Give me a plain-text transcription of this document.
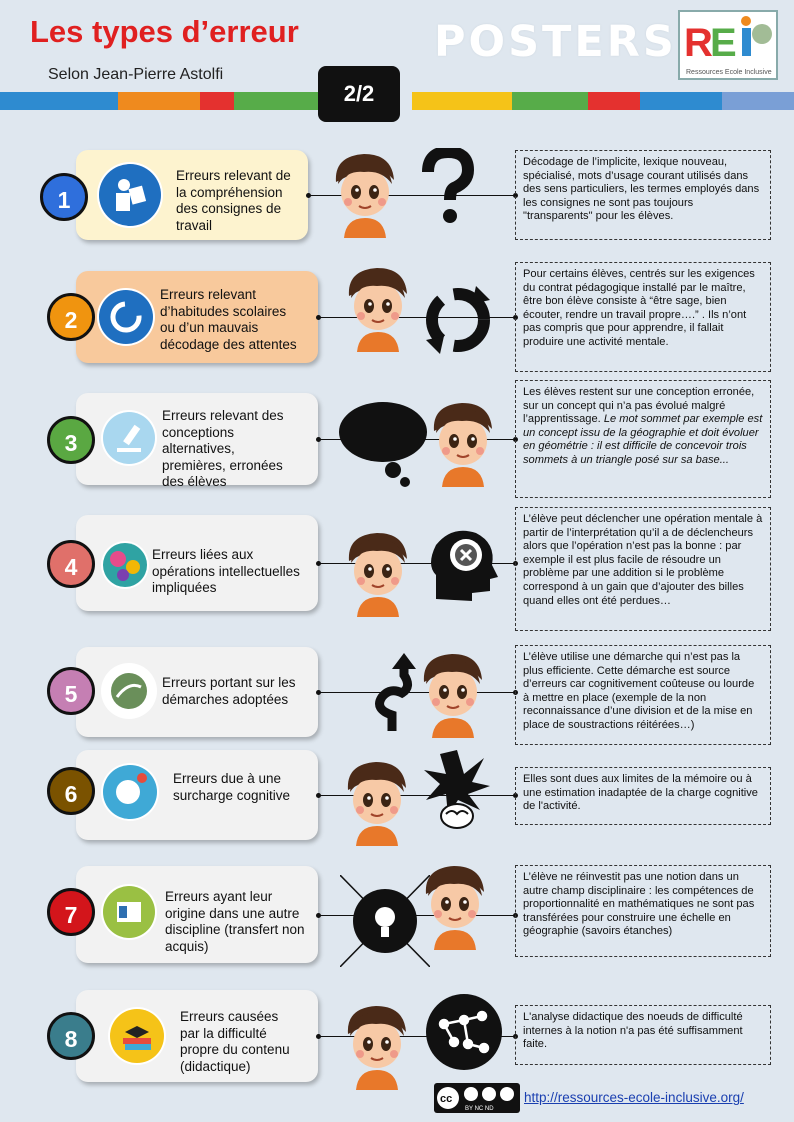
Les types d’erreur
Selon Jean-Pierre Astolfi
POSTERS R
E
Ressources Ecole Inclusive
2/2
1
Erreurs relevant de la compréhension des consignes de travail
Décodage de l’implicite, lexique nouveau, spécialisé, mots d’usage courant utilisés dans des sens particuliers, les termes employés dans les consignes ne sont pas toujours "transparents" pour les élèves.
2
Erreurs relevant d’habitudes scolaires ou d’un mauvais décodage des attentes
Pour certains élèves, centrés sur les exigences du contrat pédagogique installé par le maître, être bon élève consiste à “être sage, bien écouter, rendre un travail propre….” . Ils n’ont pas compris que pour apprendre, il fallait produire une activité mentale.
3
Erreurs relevant des conceptions alternatives, premières, erronées des élèves
Les élèves restent sur une conception erronée, sur un concept qui n’a pas évolué malgré l’apprentissage. Le mot sommet par exemple est un concept issu de la géographie et doit évoluer en géométrie : il est difficile de concevoir trois sommets à un triangle posé sur sa base...
4	Erreurs liées aux opérations intellectuelles impliquées
L’élève peut déclencher une opération mentale à partir de l’interprétation qu’il a de déclencheurs alors que l’opération n’est pas la bonne : par exemple il est plus facile de résoudre un problème par une addition si le problème correspond à un gain que d’ajouter des billes quand elles ont été perdues…
5	Erreurs portant sur les démarches adoptées
L’élève utilise une démarche qui n’est pas la plus efficiente. Cette démarche est source d’erreurs car cognitivement coûteuse ou lourde à mettre en place (exemple de la non reconnaissance d’une division et de la mise en place de soustractions réitérées…)
6
Erreurs due à une surcharge cognitive
Elles sont dues aux limites de la mémoire ou à une estimation inadaptée de la charge cognitive de l'activité.
7
Erreurs ayant leur origine dans une autre discipline (transfert non acquis)
L’élève ne réinvestit pas une notion dans un autre champ disciplinaire : les compétences de proportionnalité en mathématiques ne sont pas transférées pour construire une échelle en géographie (savoirs étanches)
8
Erreurs causées par la difficulté propre du contenu (didactique)
L'analyse didactique des noeuds de difficulté internes à la notion n'a pas été suffisamment faite.
cc
BY NC ND
http://ressources-ecole-inclusive.org/
